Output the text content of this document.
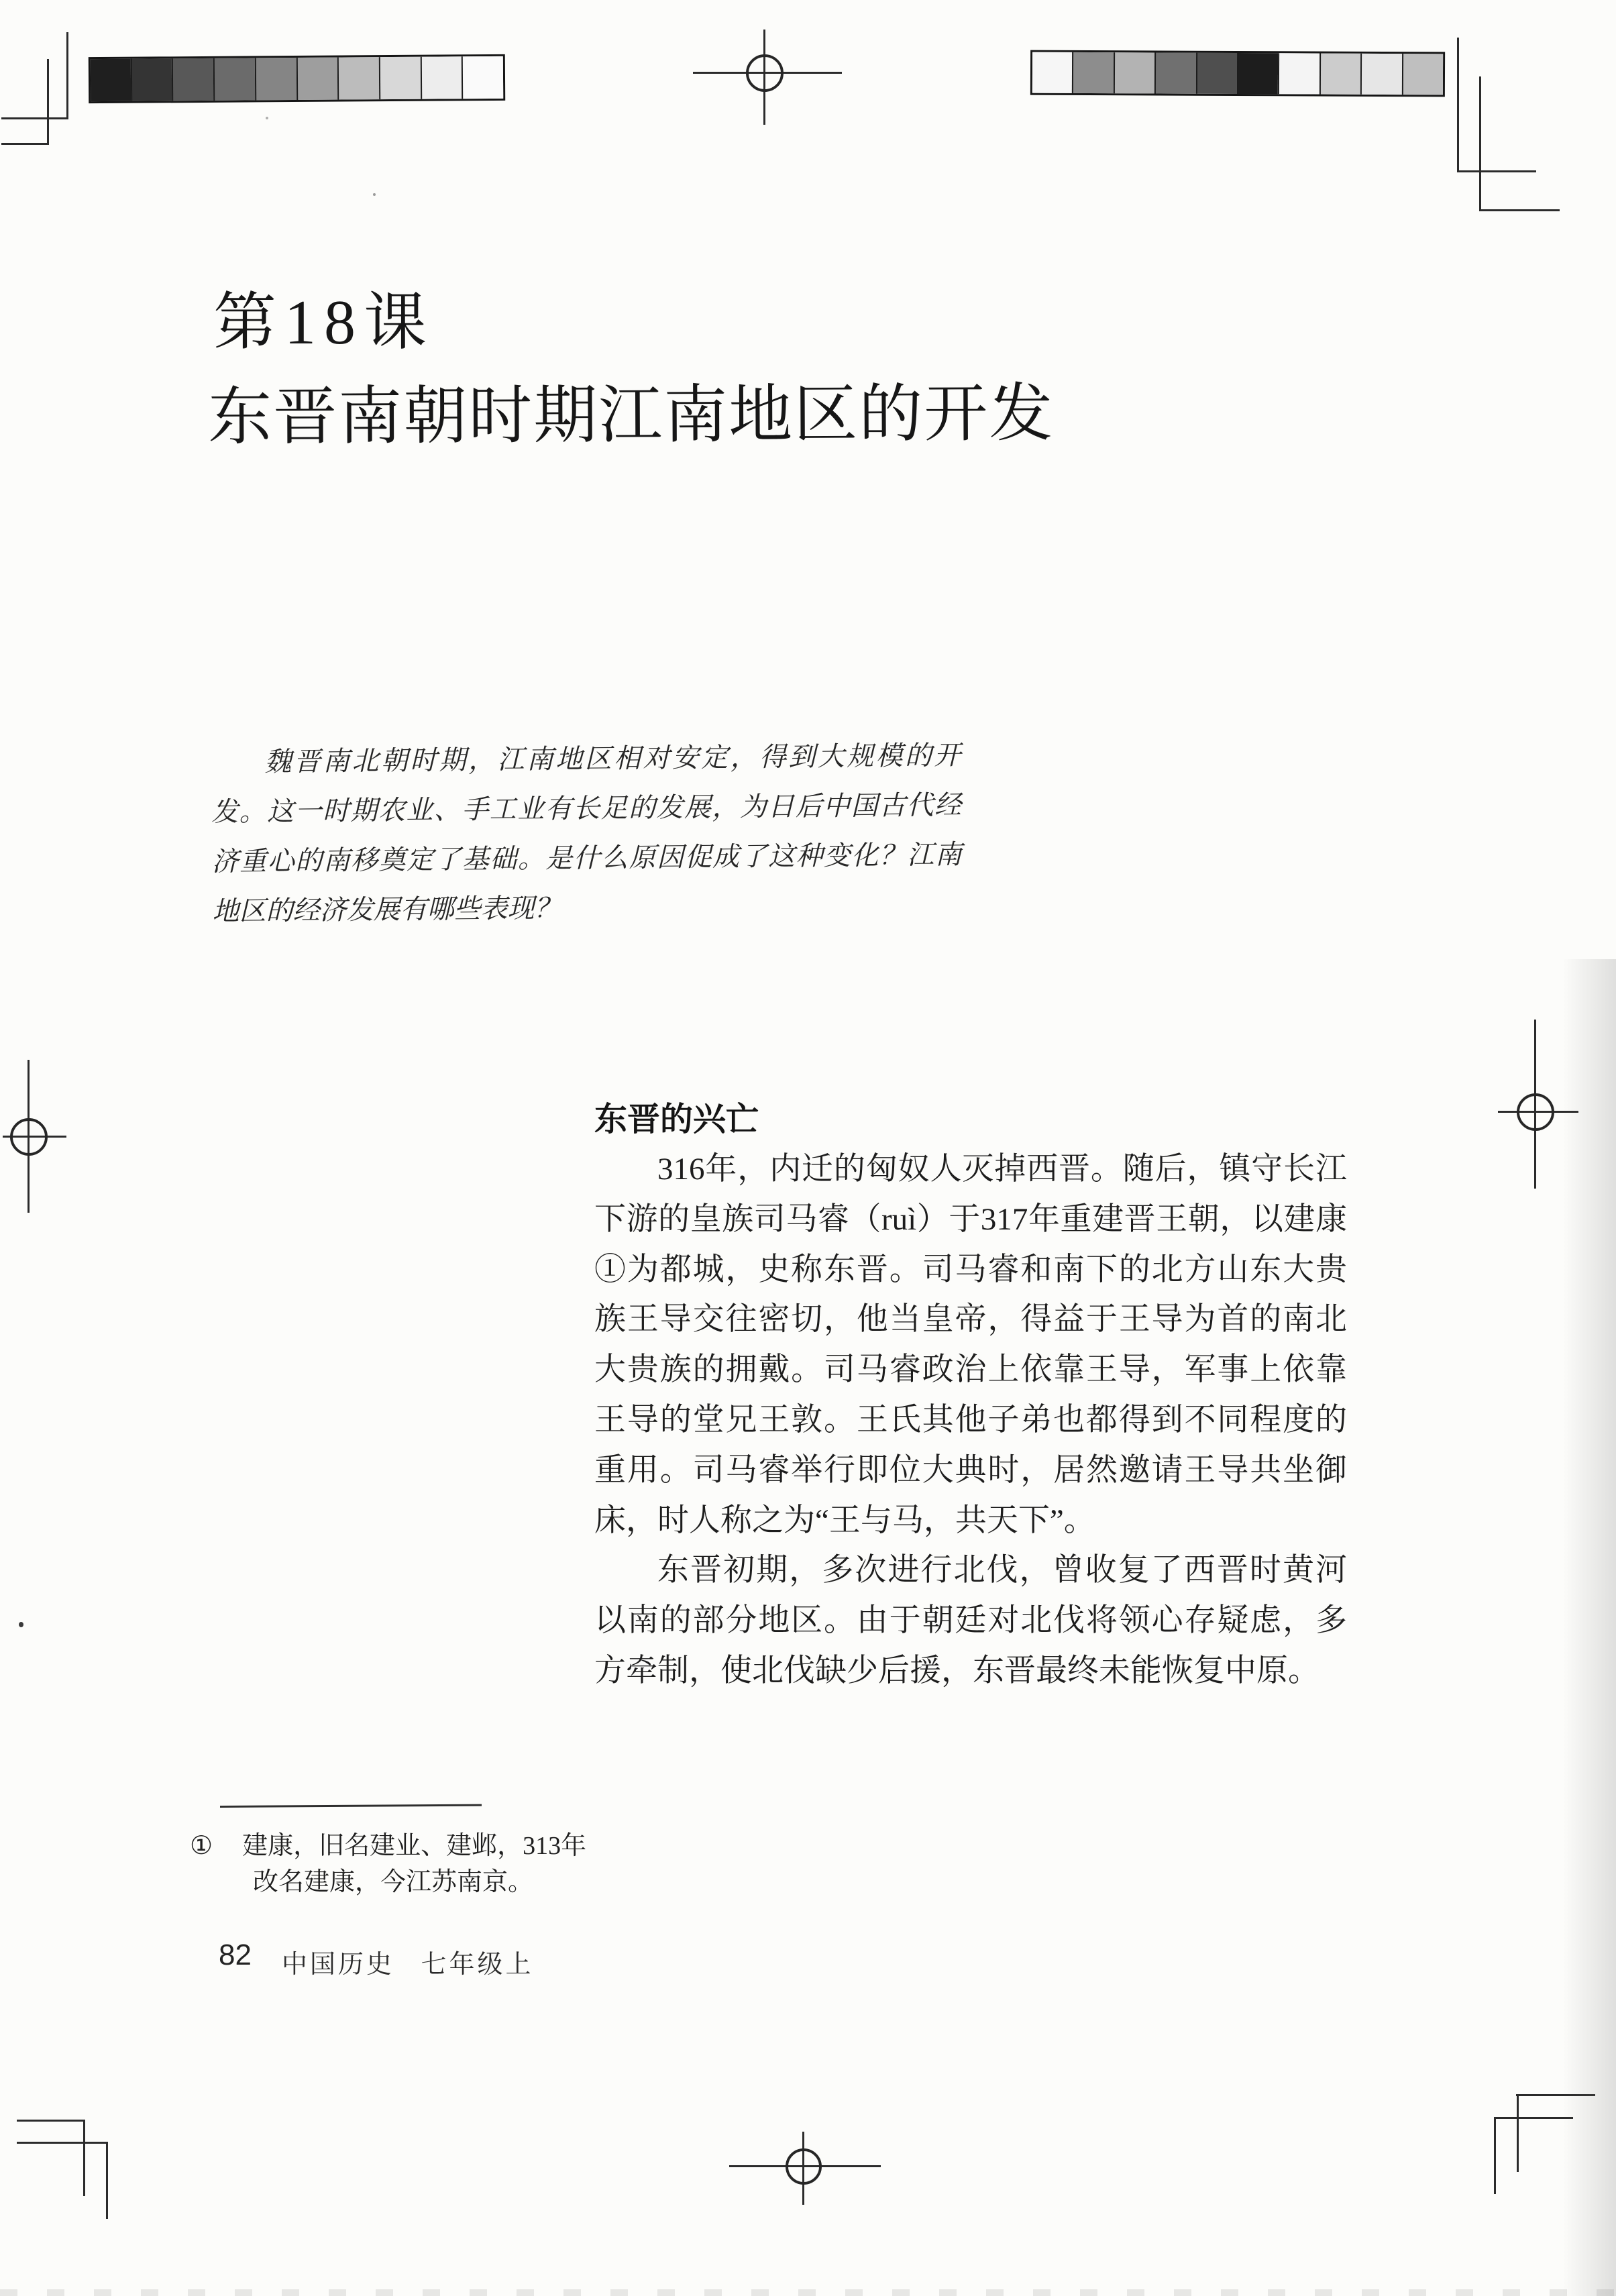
第18课
东晋南朝时期江南地区的开发
魏晋南北朝时期，江南地区相对安定，得到大规模的开发。这一时期农业、手工业有长足的发展，为日后中国古代经济重心的南移奠定了基础。是什么原因促成了这种变化？江南地区的经济发展有哪些表现？
东晋的兴亡

316年，内迁的匈奴人灭掉西晋。随后，镇守长江下游的皇族司马睿（ruì）于317年重建晋王朝，以建康①为都城，史称东晋。司马睿和南下的北方山东大贵族王导交往密切，他当皇帝，得益于王导为首的南北大贵族的拥戴。司马睿政治上依靠王导，军事上依靠王导的堂兄王敦。王氏其他子弟也都得到不同程度的重用。司马睿举行即位大典时，居然邀请王导共坐御床，时人称之为“王与马，共天下”。

东晋初期，多次进行北伐，曾收复了西晋时黄河以南的部分地区。由于朝廷对北伐将领心存疑虑，多方牵制，使北伐缺少后援，东晋最终未能恢复中原。

① 建康，旧名建业、建邺，313年
改名建康，今江苏南京。
82 中国历史 七年级上
